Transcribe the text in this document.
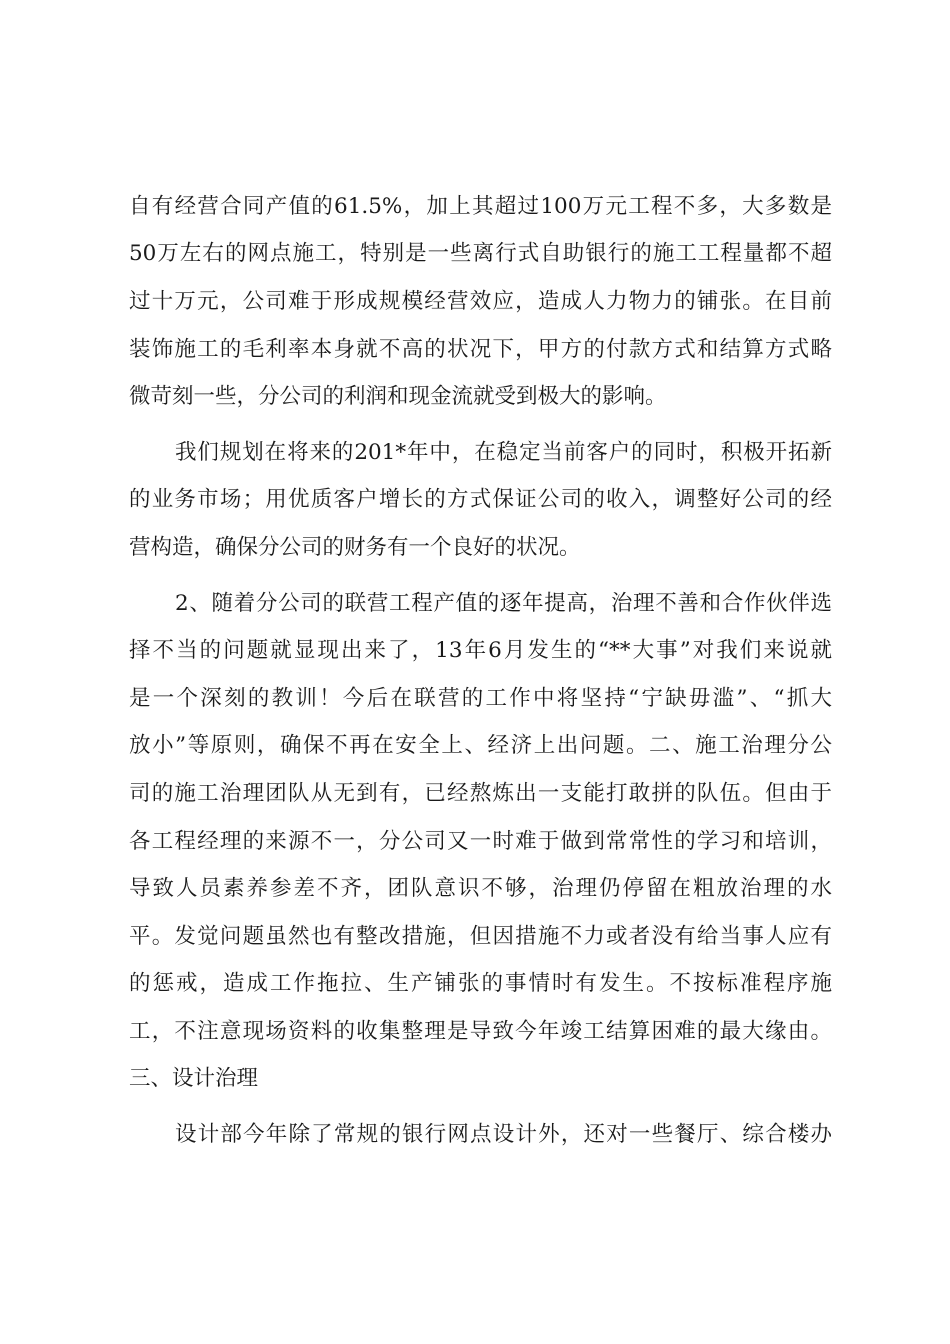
自有经营合同产值的61.5%，加上其超过100万元工程不多，大多数是
50万左右的网点施工，特别是一些离行式自助银行的施工工程量都不超
过十万元，公司难于形成规模经营效应，造成人力物力的铺张。在目前
装饰施工的毛利率本身就不高的状况下，甲方的付款方式和结算方式略
微苛刻一些，分公司的利润和现金流就受到极大的影响。
我们规划在将来的201*年中，在稳定当前客户的同时，积极开拓新
的业务市场；用优质客户增长的方式保证公司的收入，调整好公司的经
营构造，确保分公司的财务有一个良好的状况。
2、随着分公司的联营工程产值的逐年提高，治理不善和合作伙伴选
择不当的问题就显现出来了，13年6月发生的“**大事”对我们来说就
是一个深刻的教训！今后在联营的工作中将坚持“宁缺毋滥”、“抓大
放小”等原则，确保不再在安全上、经济上出问题。二、施工治理分公
司的施工治理团队从无到有，已经熬炼出一支能打敢拼的队伍。但由于
各工程经理的来源不一，分公司又一时难于做到常常性的学习和培训，
导致人员素养参差不齐，团队意识不够，治理仍停留在粗放治理的水
平。发觉问题虽然也有整改措施，但因措施不力或者没有给当事人应有
的惩戒，造成工作拖拉、生产铺张的事情时有发生。不按标准程序施
工，不注意现场资料的收集整理是导致今年竣工结算困难的最大缘由。
三、设计治理
设计部今年除了常规的银行网点设计外，还对一些餐厅、综合楼办
